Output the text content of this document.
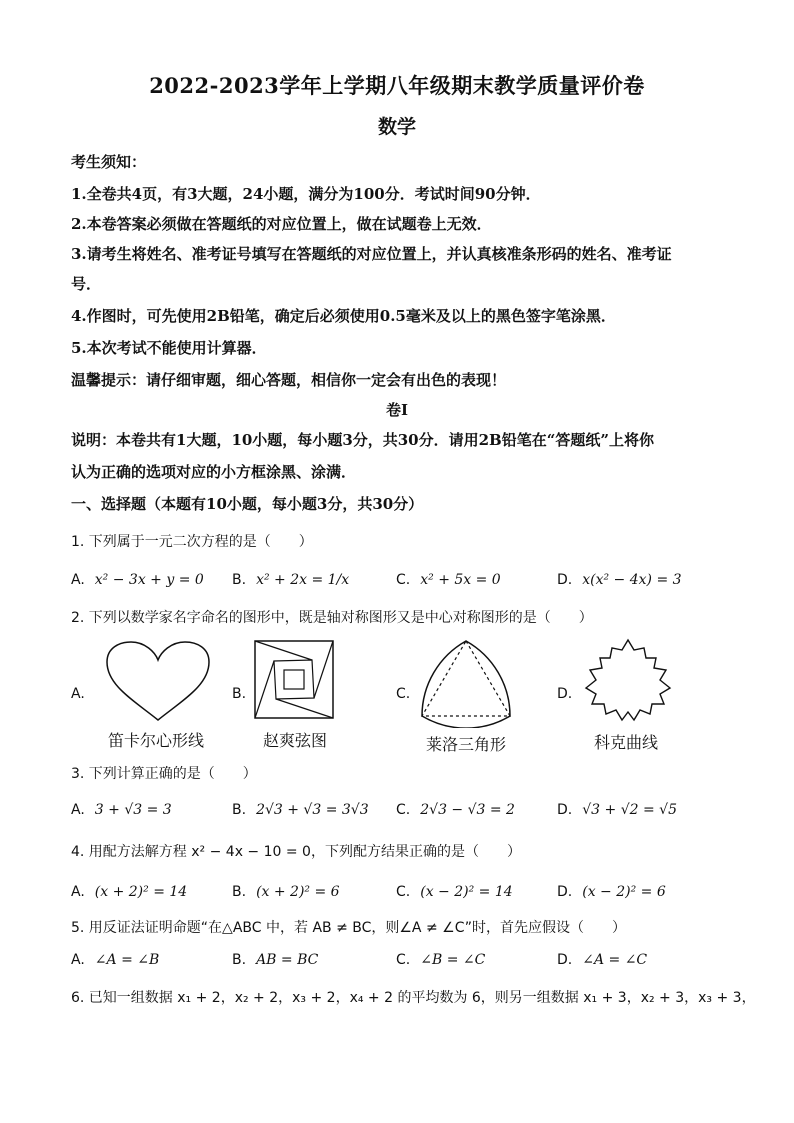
2022-2023学年上学期八年级期末教学质量评价卷
数学
考生须知：
1.全卷共4页，有3大题，24小题，满分为100分．考试时间90分钟．
2.本卷答案必须做在答题纸的对应位置上，做在试题卷上无效．
3.请考生将姓名、准考证号填写在答题纸的对应位置上，并认真核准条形码的姓名、准考证
号．
4.作图时，可先使用2B铅笔，确定后必须使用0.5毫米及以上的黑色签字笔涂黑．
5.本次考试不能使用计算器．
温馨提示：请仔细审题，细心答题，相信你一定会有出色的表现！
卷Ⅰ
说明：本卷共有1大题，10小题，每小题3分，共30分．请用2B铅笔在“答题纸”上将你
认为正确的选项对应的小方框涂黑、涂满．
一、选择题（本题有10小题，每小题3分，共30分）
1. 下列属于一元二次方程的是（　　）
A. x² − 3x + y = 0 B. x² + 2x = 1/x	C. x² + 5x = 0	D. x(x² − 4x) = 3
2. 下列以数学家名字命名的图形中，既是轴对称图形又是中心对称图形的是（　　）
A.
笛卡尔心形线
B.
赵爽弦图
C.
莱洛三角形
D.
科克曲线
3. 下列计算正确的是（　　）
A. 3 + √3 = 3	B. 2√3 + √3 = 3√3 C. 2√3 − √3 = 2	D. √3 + √2 = √5
4. 用配方法解方程 x² − 4x − 10 = 0，下列配方结果正确的是（　　）
A. (x + 2)² = 14	B. (x + 2)² = 6	C. (x − 2)² = 14	D. (x − 2)² = 6
5. 用反证法证明命题“在△ABC 中，若 AB ≠ BC，则∠A ≠ ∠C”时，首先应假设（　　）
A. ∠A = ∠B	B. AB = BC	C. ∠B = ∠C	D. ∠A = ∠C
6. 已知一组数据 x₁ + 2，x₂ + 2，x₃ + 2，x₄ + 2 的平均数为 6，则另一组数据 x₁ + 3，x₂ + 3，x₃ + 3，
